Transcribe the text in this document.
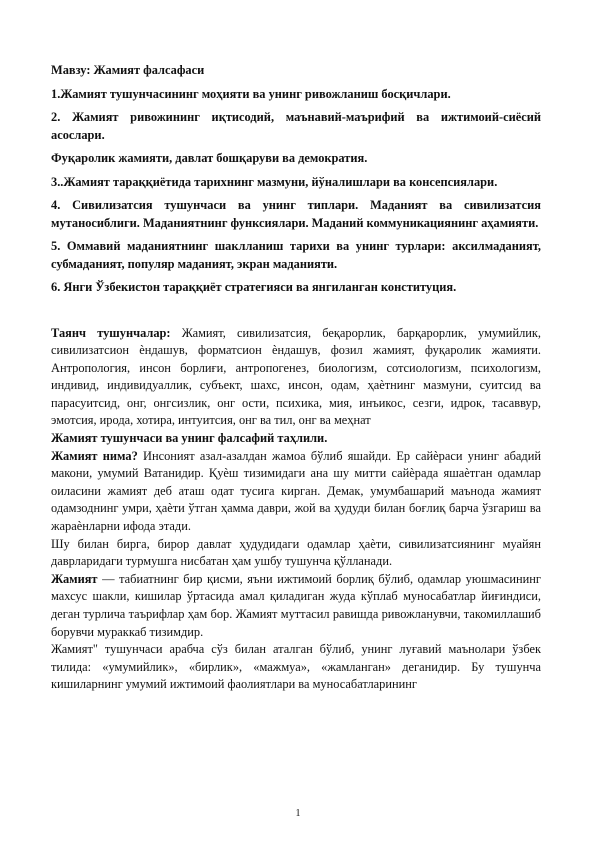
Мавзу: Жамият фалсафаси

1.Жамият тушунчасининг моҳияти ва унинг ривожланиш босқичлари.

2. Жамият ривожининг иқтисодий, маънавий-маърифий ва ижтимоий-сиёсий асослари.

Фуқаролик жамияти, давлат бошқаруви ва демократия.

3..Жамият тараққиётида тарихнинг мазмуни, йўналишлари ва консепсиялари.

4. Сивилизатсия тушунчаси ва унинг типлари. Маданият ва сивилизатсия мутаносиблиги. Маданиятнинг функсиялари. Маданий коммуникациянинг аҳамияти.

5. Оммавий маданиятнинг шаклланиш тарихи ва унинг турлари: аксилмаданият, субмаданият, популяр маданият, экран маданияти.

6. Янги Ўзбекистон тараққиёт стратегияси ва янгиланган конституция.

Таянч тушунчалар: Жамият, сивилизатсия, беқарорлик, барқарорлик, умумийлик, сивилизатсион ѐндашув, форматсион ѐндашув, фозил жамият, фуқаролик жамияти. Антропология, инсон борлиғи, антропогенез, биологизм, сотсиологизм, психологизм, индивид, индивидуаллик, субъект, шахс, инсон, одам, ҳаѐтнинг мазмуни, суитсид ва парасуитсид, онг, онгсизлик, онг ости, психика, мия, инъикос, сезги, идрок, тасаввур, эмотсия, ирода, хотира, интуитсия, онг ва тил, онг ва меҳнат

Жамият тушунчаси ва унинг фалсафий таҳлили.

Жамият нима? Инсоният азал-азалдан жамоа бўлиб яшайди. Ер сайѐраси унинг абадий макони, умумий Ватанидир. Қуѐш тизимидаги ана шу митти сайѐрада яшаѐтган одамлар оиласини жамият деб аташ одат тусига кирган. Демак, умумбашарий маънода жамият одамзоднинг умри, ҳаѐти ўтган ҳамма даври, жой ва ҳудуди билан боғлиқ барча ўзгариш ва жараѐнларни ифода этади.

Шу билан бирга, бирор давлат ҳудудидаги одамлар ҳаѐти, сивилизатсиянинг муайян даврларидаги турмушга нисбатан ҳам ушбу тушунча қўлланади.

Жамият — табиатнинг бир қисми, яъни ижтимоий борлиқ бўлиб, одамлар уюшмасининг махсус шакли, кишилар ўртасида амал қиладиган жуда кўплаб муносабатлар йиғиндиси, деган турлича таърифлар ҳам бор. Жамият муттасил равишда ривожланувчи, такомиллашиб борувчи мураккаб тизимдир.

Жамият" тушунчаси арабча сўз билан аталган бўлиб, унинг луғавий маънолари ўзбек тилида: «умумийлик», «бирлик», «мажмуа», «жамланган» деганидир. Бу тушунча кишиларнинг умумий ижтимоий фаолиятлари ва муносабатларининг

1
